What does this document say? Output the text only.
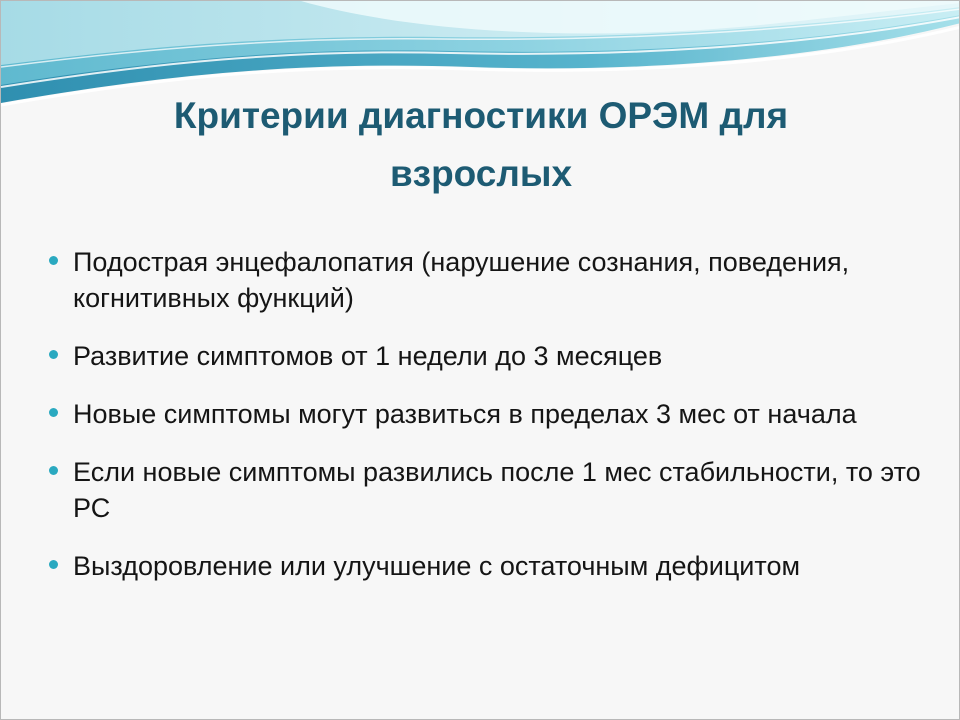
Критерии диагностики ОРЭМ для взрослых
Подострая энцефалопатия (нарушение сознания, поведения, когнитивных функций)
Развитие симптомов от 1 недели до 3 месяцев
Новые симптомы могут развиться в пределах 3 мес от начала
Если новые симптомы развились после 1 мес стабильности, то это РС
Выздоровление или улучшение с остаточным дефицитом
